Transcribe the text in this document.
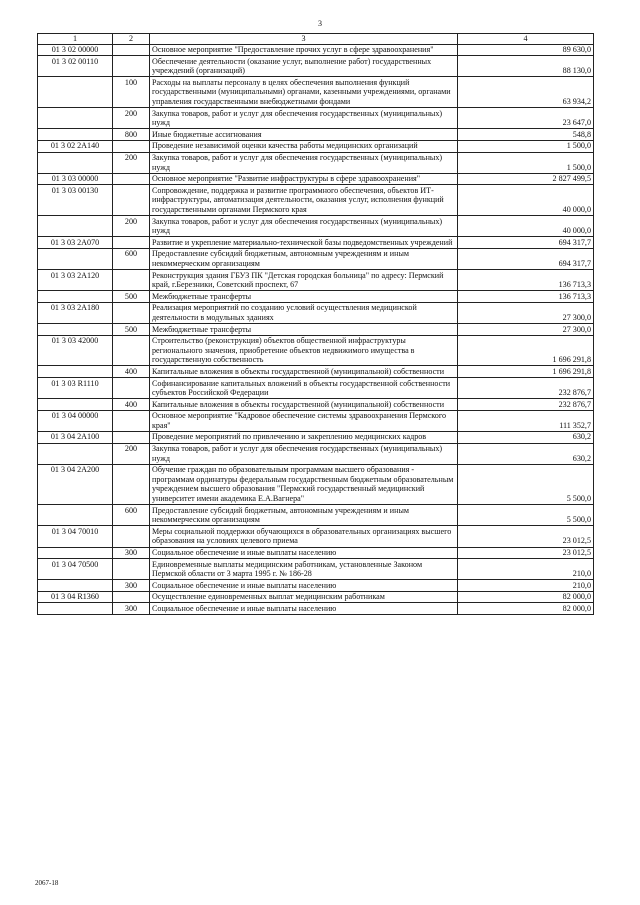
3
1	2	3	4
01 3 02 00000		Основное мероприятие "Предоставление прочих услуг в сфере здравоохранения"	89 630,0
01 3 02 00110		Обеспечение деятельности (оказание услуг, выполнение работ) государственных учреждений (организаций)	88 130,0
	100	Расходы на выплаты персоналу в целях обеспечения выполнения функций государственными (муниципальными) органами, казенными учреждениями, органами управления государственными внебюджетными фондами	63 934,2
	200	Закупка товаров, работ и услуг для обеспечения государственных (муниципальных) нужд	23 647,0
	800	Иные бюджетные ассигнования	548,8
01 3 02 2А140		Проведение независимой оценки качества работы медицинских организаций	1 500,0
	200	Закупка товаров, работ и услуг для обеспечения государственных (муниципальных) нужд	1 500,0
01 3 03 00000		Основное мероприятие "Развитие инфраструктуры в сфере здравоохранения"	2 827 499,5
01 3 03 00130		Сопровождение, поддержка и развитие программного обеспечения, объектов ИТ-инфраструктуры, автоматизация деятельности, оказания услуг, исполнения функций государственными органами Пермского края	40 000,0
	200	Закупка товаров, работ и услуг для обеспечения государственных (муниципальных) нужд	40 000,0
01 3 03 2А070		Развитие и укрепление материально-технической базы подведомственных учреждений	694 317,7
	600	Предоставление субсидий бюджетным, автономным учреждениям и иным некоммерческим организациям	694 317,7
01 3 03 2А120		Реконструкция здания ГБУЗ ПК "Детская городская больница" по адресу: Пермский край, г.Березники, Советский проспект, 67	136 713,3
	500	Межбюджетные трансферты	136 713,3
01 3 03 2А180		Реализация мероприятий по созданию условий осуществления медицинской деятельности в модульных зданиях	27 300,0
	500	Межбюджетные трансферты	27 300,0
01 3 03 42000		Строительство (реконструкция) объектов общественной инфраструктуры регионального значения, приобретение объектов недвижимого имущества в государственную собственность	1 696 291,8
	400	Капитальные вложения в объекты государственной (муниципальной) собственности	1 696 291,8
01 3 03 R1110		Софинансирование капитальных вложений в объекты государственной собственности субъектов Российской Федерации	232 876,7
	400	Капитальные вложения в объекты государственной (муниципальной) собственности	232 876,7
01 3 04 00000		Основное мероприятие "Кадровое обеспечение системы здравоохранения Пермского края"	111 352,7
01 3 04 2А100		Проведение мероприятий по привлечению и закреплению медицинских кадров	630,2
	200	Закупка товаров, работ и услуг для обеспечения государственных (муниципальных) нужд	630,2
01 3 04 2А200		Обучение граждан по образовательным программам высшего образования - программам ординатуры федеральным государственным бюджетным образовательным учреждением высшего образования "Пермский государственный медицинский университет имени академика Е.А.Вагнера"	5 500,0
	600	Предоставление субсидий бюджетным, автономным учреждениям и иным некоммерческим организациям	5 500,0
01 3 04 70010		Меры социальной поддержки обучающихся в образовательных организациях высшего образования на условиях целевого приема	23 012,5
	300	Социальное обеспечение и иные выплаты населению	23 012,5
01 3 04 70500		Единовременные выплаты медицинским работникам, установленные Законом Пермской области от 3 марта 1995 г. № 186-28	210,0
	300	Социальное обеспечение и иные выплаты населению	210,0
01 3 04 R1360		Осуществление единовременных выплат медицинским работникам	82 000,0
	300	Социальное обеспечение и иные выплаты населению	82 000,0
2067-18
